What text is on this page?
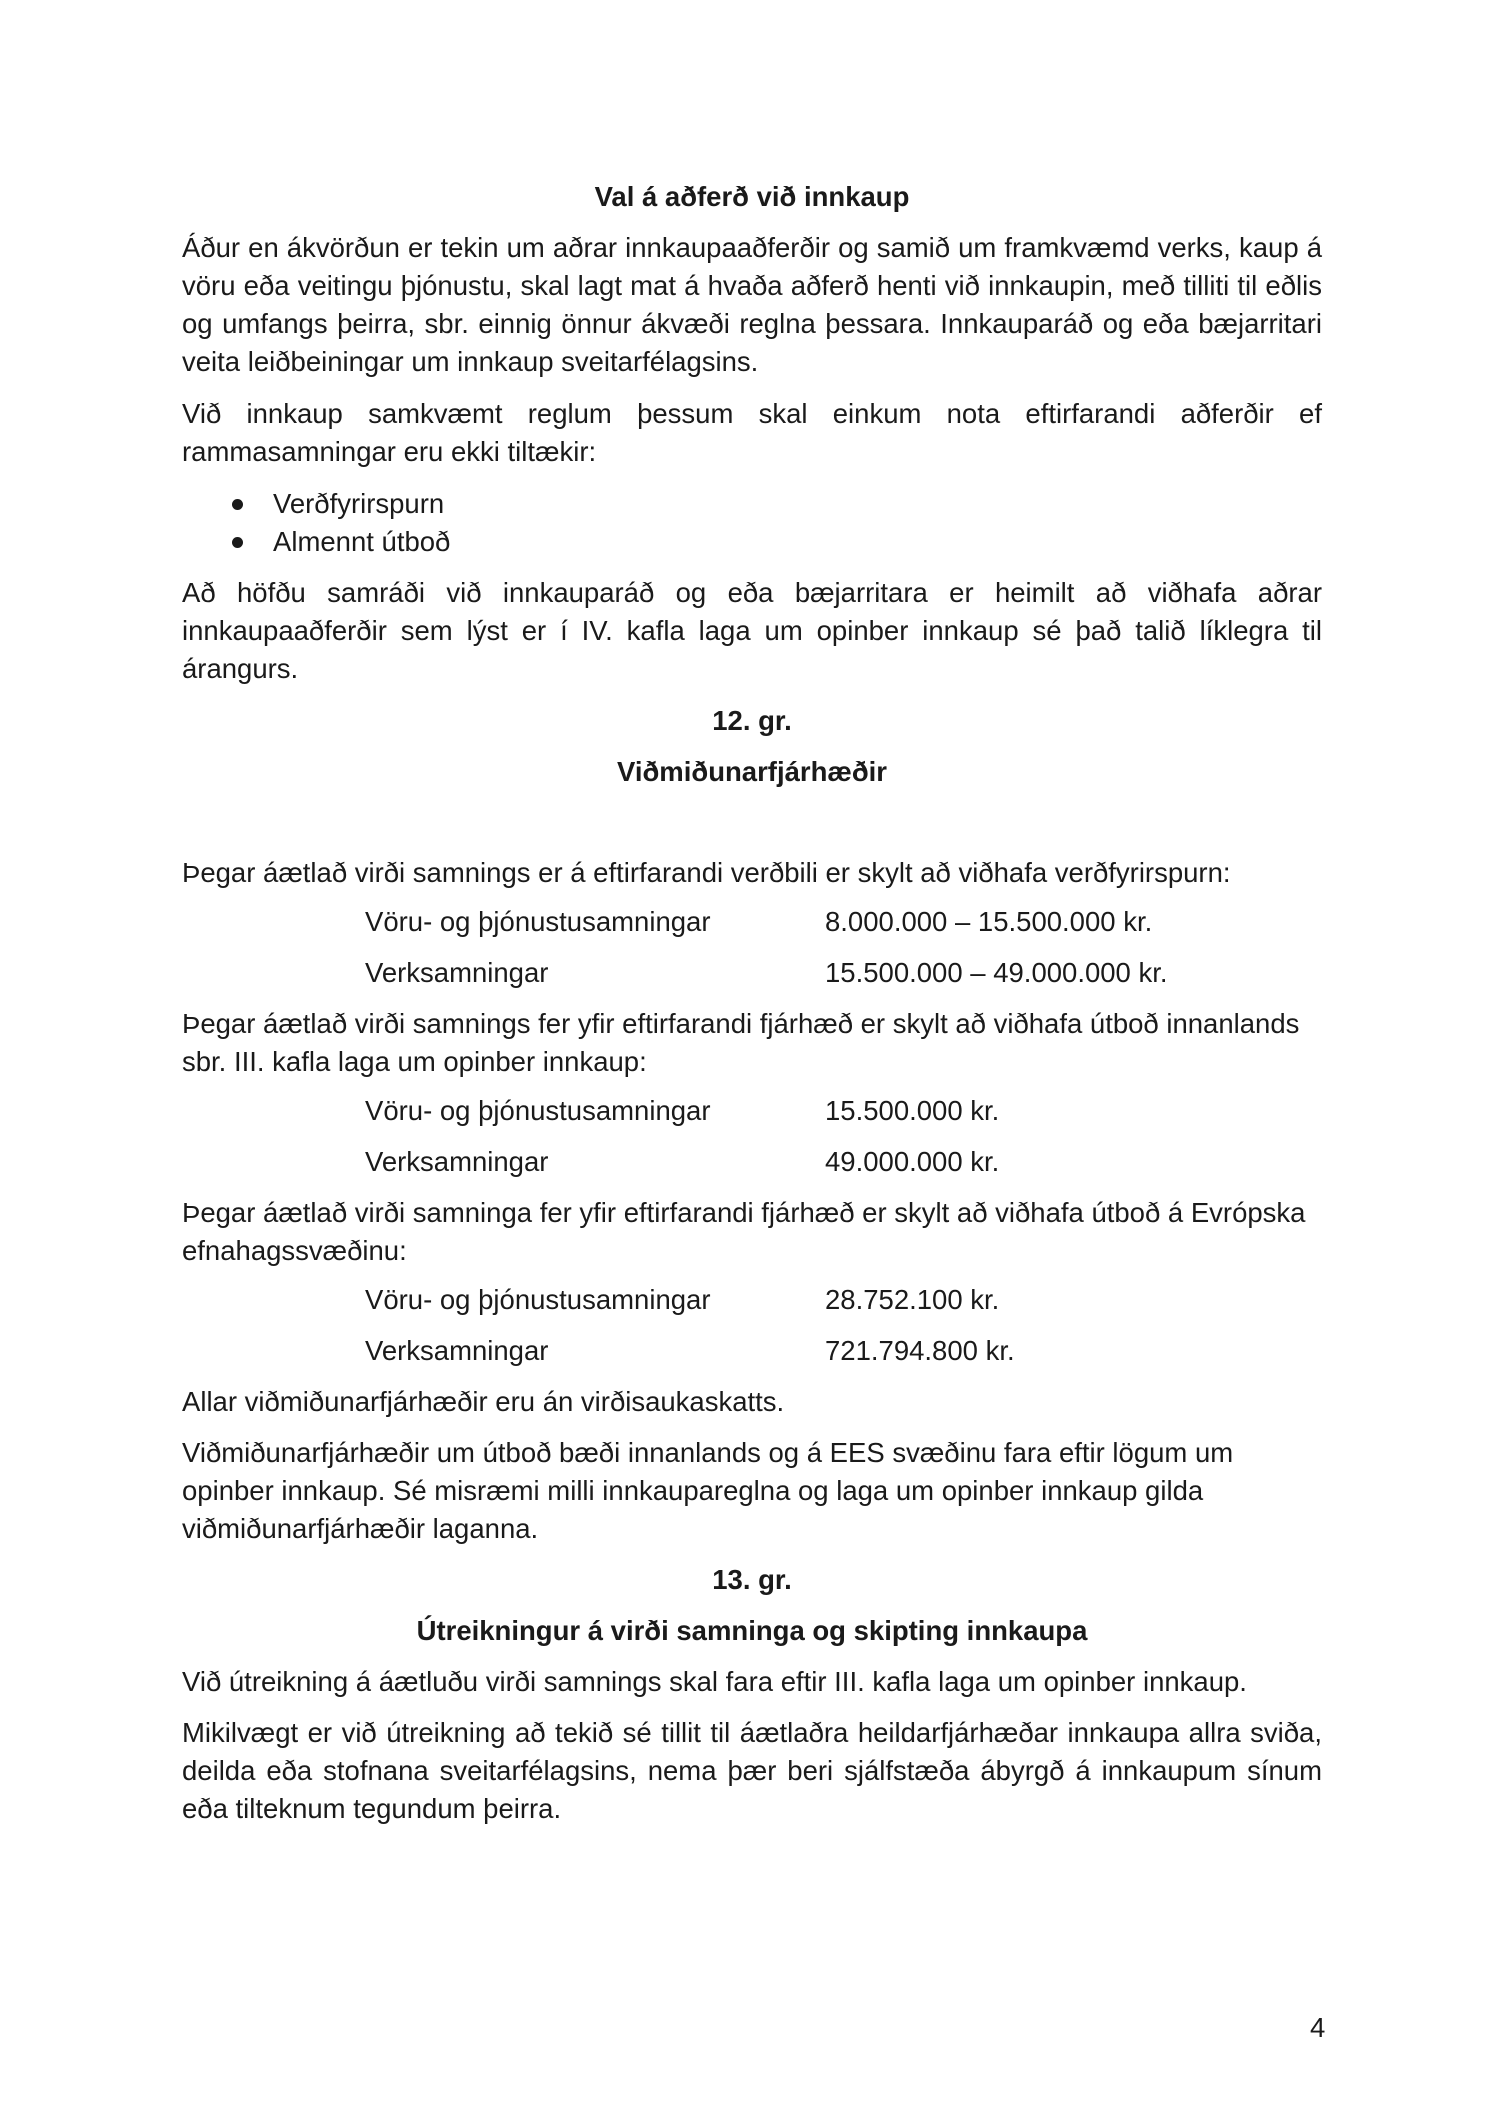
Val á aðferð við innkaup

Áður en ákvörðun er tekin um aðrar innkaupaaðferðir og samið um framkvæmd verks, kaup á vöru eða veitingu þjónustu, skal lagt mat á hvaða aðferð henti við innkaupin, með tilliti til eðlis og umfangs þeirra, sbr. einnig önnur ákvæði reglna þessara. Innkauparáð og eða bæjarritari veita leiðbeiningar um innkaup sveitarfélagsins.

Við innkaup samkvæmt reglum þessum skal einkum nota eftirfarandi aðferðir ef rammasamningar eru ekki tiltækir:

Verðfyrirspurn
Almennt útboð

Að höfðu samráði við innkauparáð og eða bæjarritara er heimilt að viðhafa aðrar innkaupaaðferðir sem lýst er í IV. kafla laga um opinber innkaup sé það talið líklegra til árangurs.

12. gr.
Viðmiðunarfjárhæðir

Þegar áætlað virði samnings er á eftirfarandi verðbili er skylt að viðhafa verðfyrirspurn:

Vöru- og þjónustusamningar	8.000.000 – 15.500.000 kr.
Verksamningar	15.500.000 – 49.000.000 kr.

Þegar áætlað virði samnings fer yfir eftirfarandi fjárhæð er skylt að viðhafa útboð innanlands sbr. III. kafla laga um opinber innkaup:

Vöru- og þjónustusamningar	15.500.000 kr.
Verksamningar	49.000.000 kr.

Þegar áætlað virði samninga fer yfir eftirfarandi fjárhæð er skylt að viðhafa útboð á Evrópska efnahagssvæðinu:

Vöru- og þjónustusamningar	28.752.100 kr.
Verksamningar	721.794.800 kr.

Allar viðmiðunarfjárhæðir eru án virðisaukaskatts.

Viðmiðunarfjárhæðir um útboð bæði innanlands og á EES svæðinu fara eftir lögum um opinber innkaup. Sé misræmi milli innkaupareglna og laga um opinber innkaup gilda viðmiðunarfjárhæðir laganna.

13. gr.
Útreikningur á virði samninga og skipting innkaupa

Við útreikning á áætluðu virði samnings skal fara eftir III. kafla laga um opinber innkaup.

Mikilvægt er við útreikning að tekið sé tillit til áætlaðra heildarfjárhæðar innkaupa allra sviða, deilda eða stofnana sveitarfélagsins, nema þær beri sjálfstæða ábyrgð á innkaupum sínum eða tilteknum tegundum þeirra.

4
